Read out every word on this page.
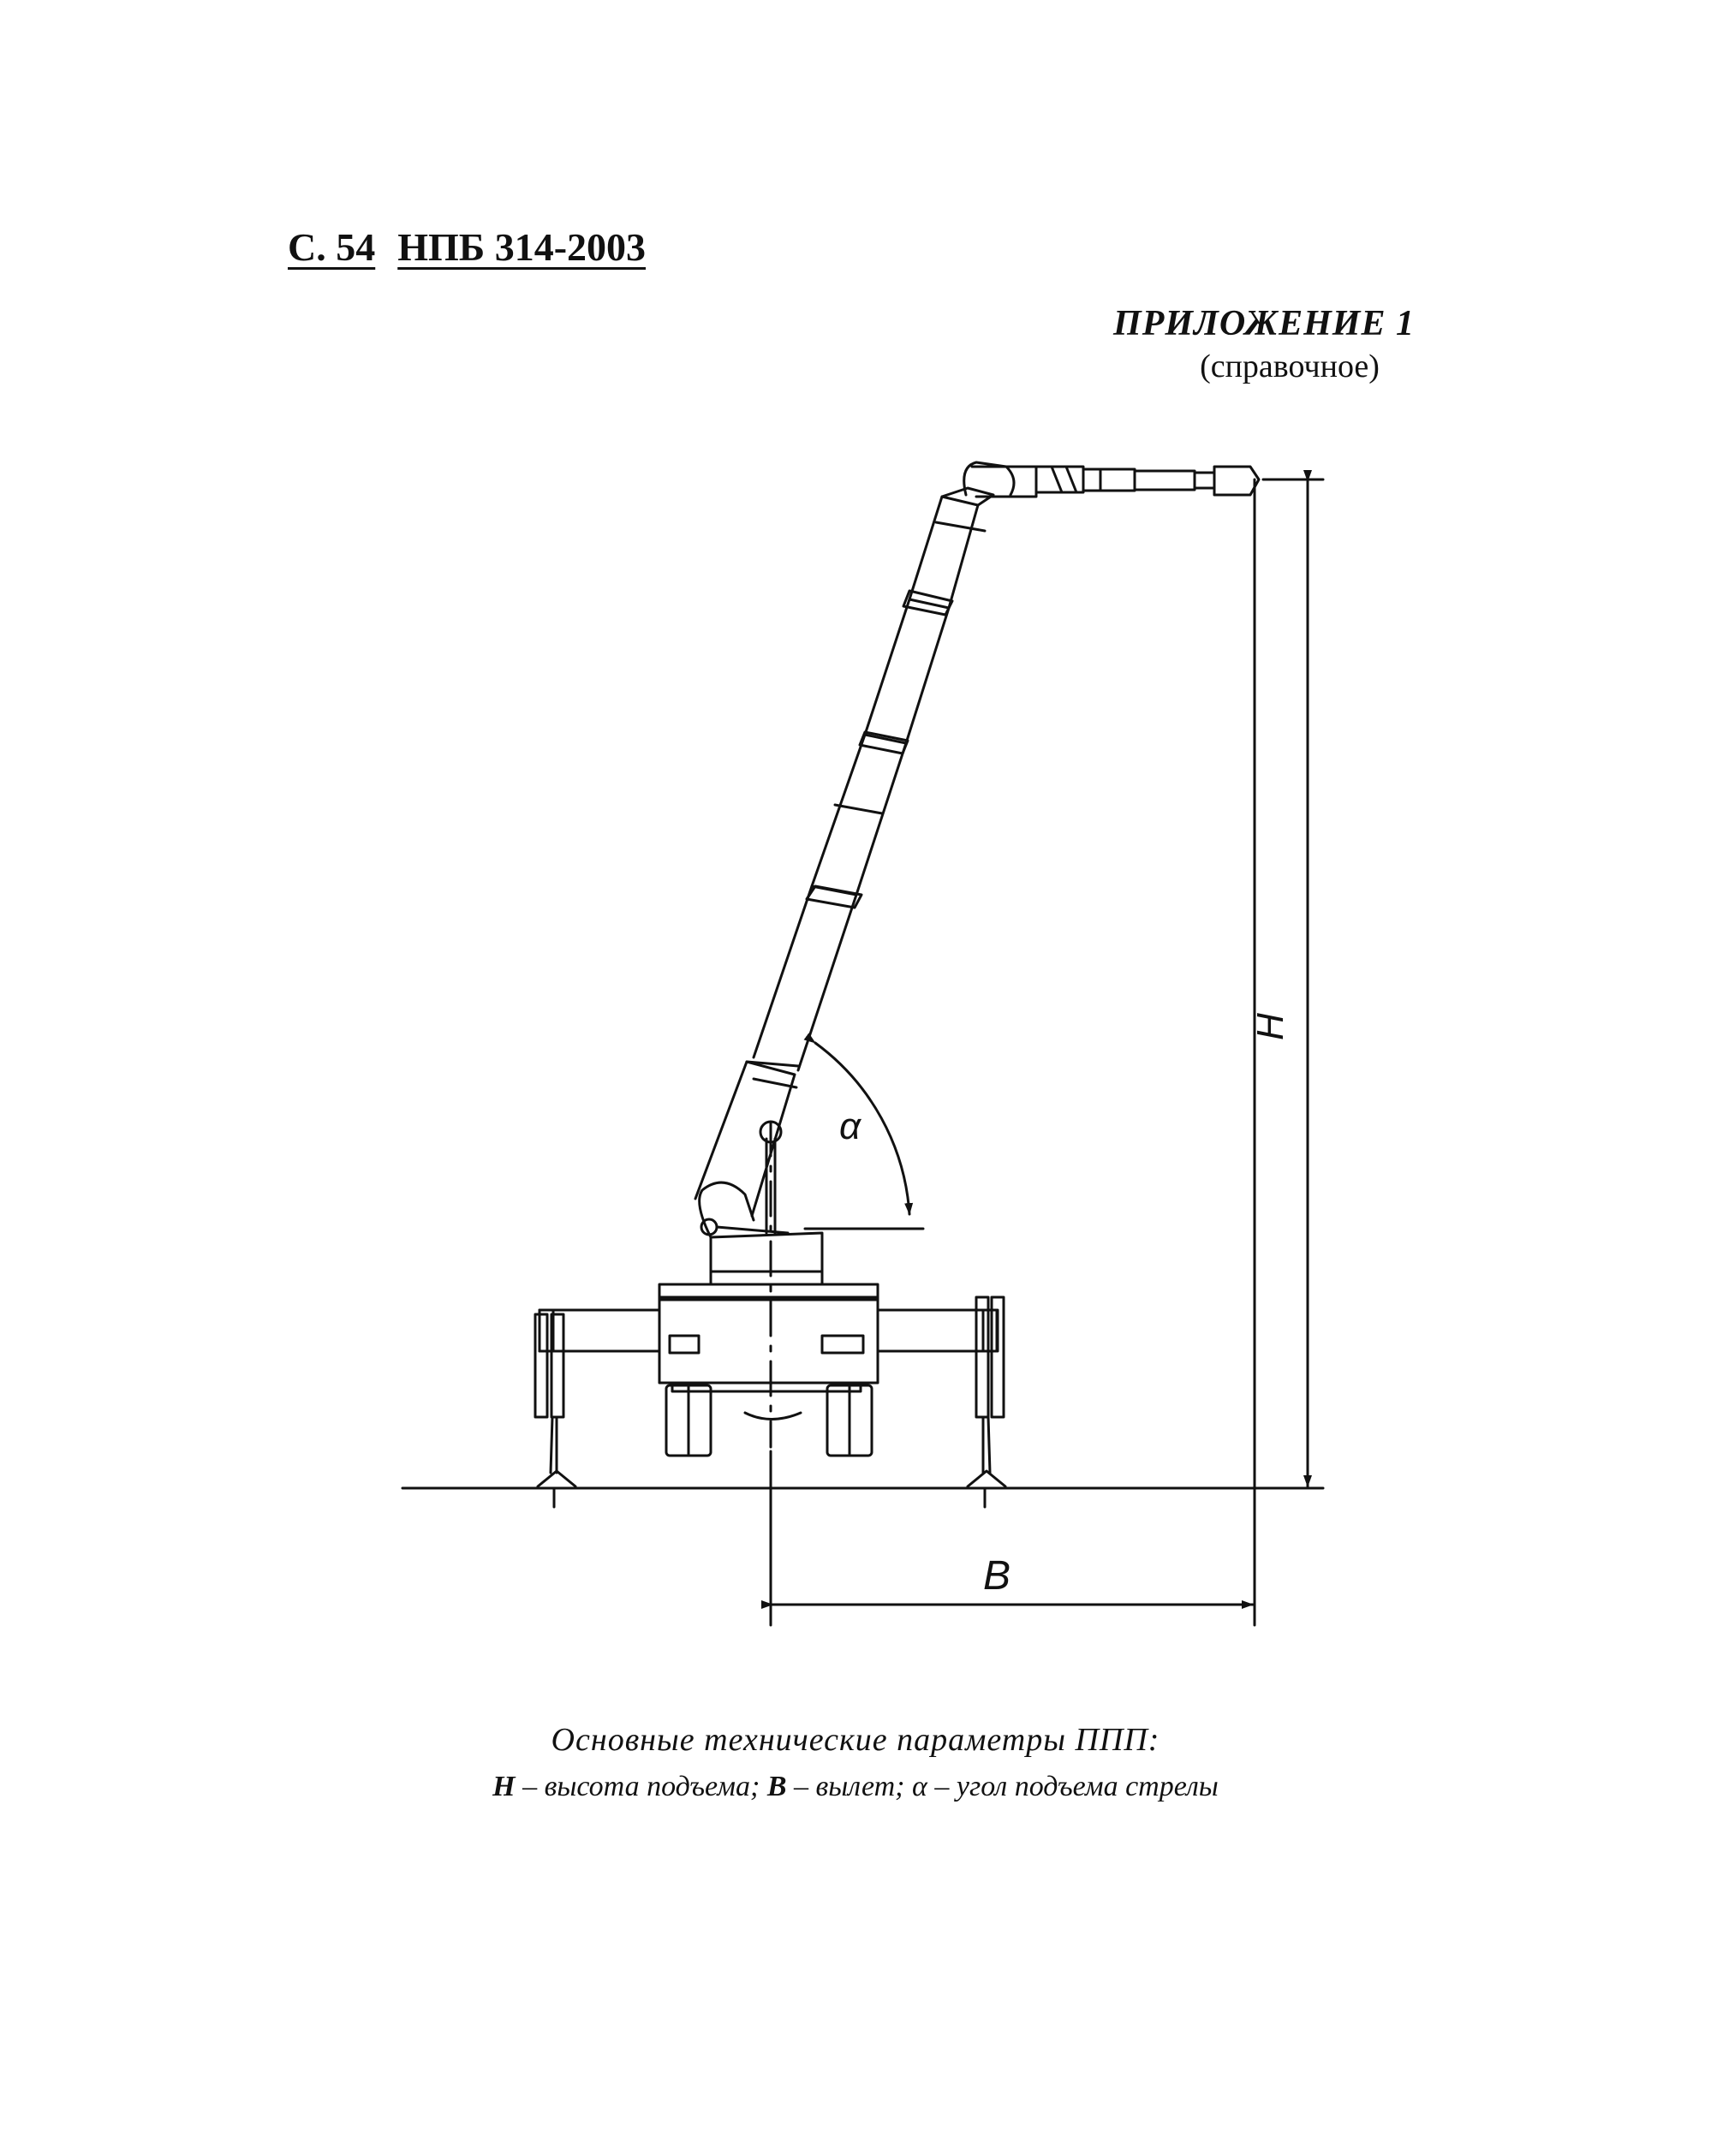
С. 54 НПБ 314-2003
ПРИЛОЖЕНИЕ 1
(справочное)
H
B
α
Основные технические параметры ППП:
H – высота подъема; B – вылет; α – угол подъема стрелы
